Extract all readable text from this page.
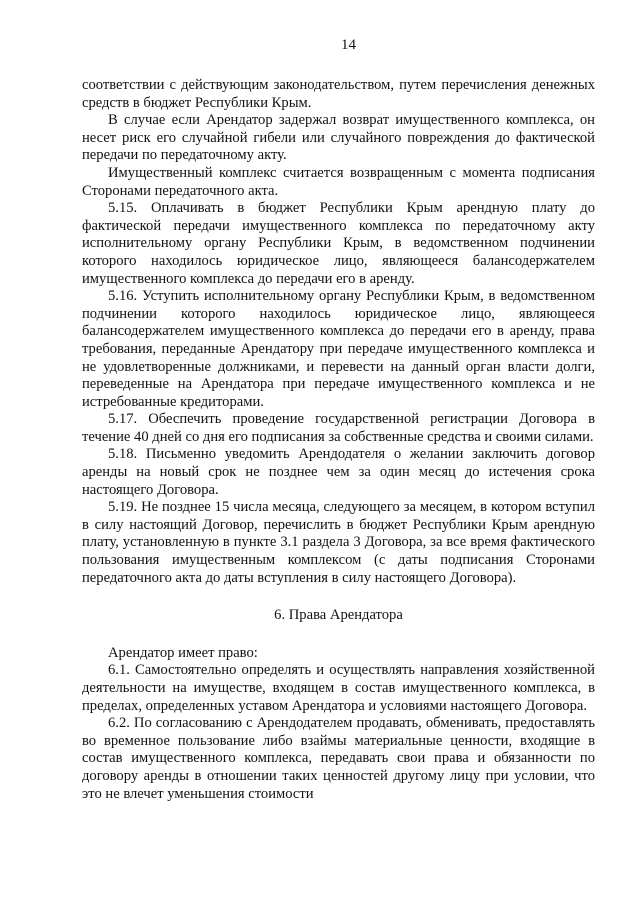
14

соответствии с действующим законодательством, путем перечисления денежных средств в бюджет Республики Крым.

В случае если Арендатор задержал возврат имущественного комплекса, он несет риск его случайной гибели или случайного повреждения до фактической передачи по передаточному акту.

Имущественный комплекс считается возвращенным с момента подписания Сторонами передаточного акта.

5.15. Оплачивать в бюджет Республики Крым арендную плату до фактической передачи имущественного комплекса по передаточному акту исполнительному органу Республики Крым, в ведомственном подчинении которого находилось юридическое лицо, являющееся балансодержателем имущественного комплекса до передачи его в аренду.

5.16. Уступить исполнительному органу Республики Крым, в ведомственном подчинении которого находилось юридическое лицо, являющееся балансодержателем имущественного комплекса до передачи его в аренду, права требования, переданные Арендатору при передаче имущественного комплекса и не удовлетворенные должниками, и перевести на данный орган власти долги, переведенные на Арендатора при передаче имущественного комплекса и не истребованные кредиторами.

5.17. Обеспечить проведение государственной регистрации Договора в течение 40 дней со дня его подписания за собственные средства и своими силами.

5.18. Письменно уведомить Арендодателя о желании заключить договор аренды на новый срок не позднее чем за один месяц до истечения срока настоящего Договора.

5.19. Не позднее 15 числа месяца, следующего за месяцем, в котором вступил в силу настоящий Договор, перечислить в бюджет Республики Крым арендную плату, установленную в пункте 3.1 раздела 3 Договора, за все время фактического пользования имущественным комплексом (с даты подписания Сторонами передаточного акта до даты вступления в силу настоящего Договора).

6. Права Арендатора

Арендатор имеет право:

6.1. Самостоятельно определять и осуществлять направления хозяйственной деятельности на имуществе, входящем в состав имущественного комплекса, в пределах, определенных уставом Арендатора и условиями настоящего Договора.

6.2. По согласованию с Арендодателем продавать, обменивать, предоставлять во временное пользование либо взаймы материальные ценности, входящие в состав имущественного комплекса, передавать свои права и обязанности по договору аренды в отношении таких ценностей другому лицу при условии, что это не влечет уменьшения стоимости
